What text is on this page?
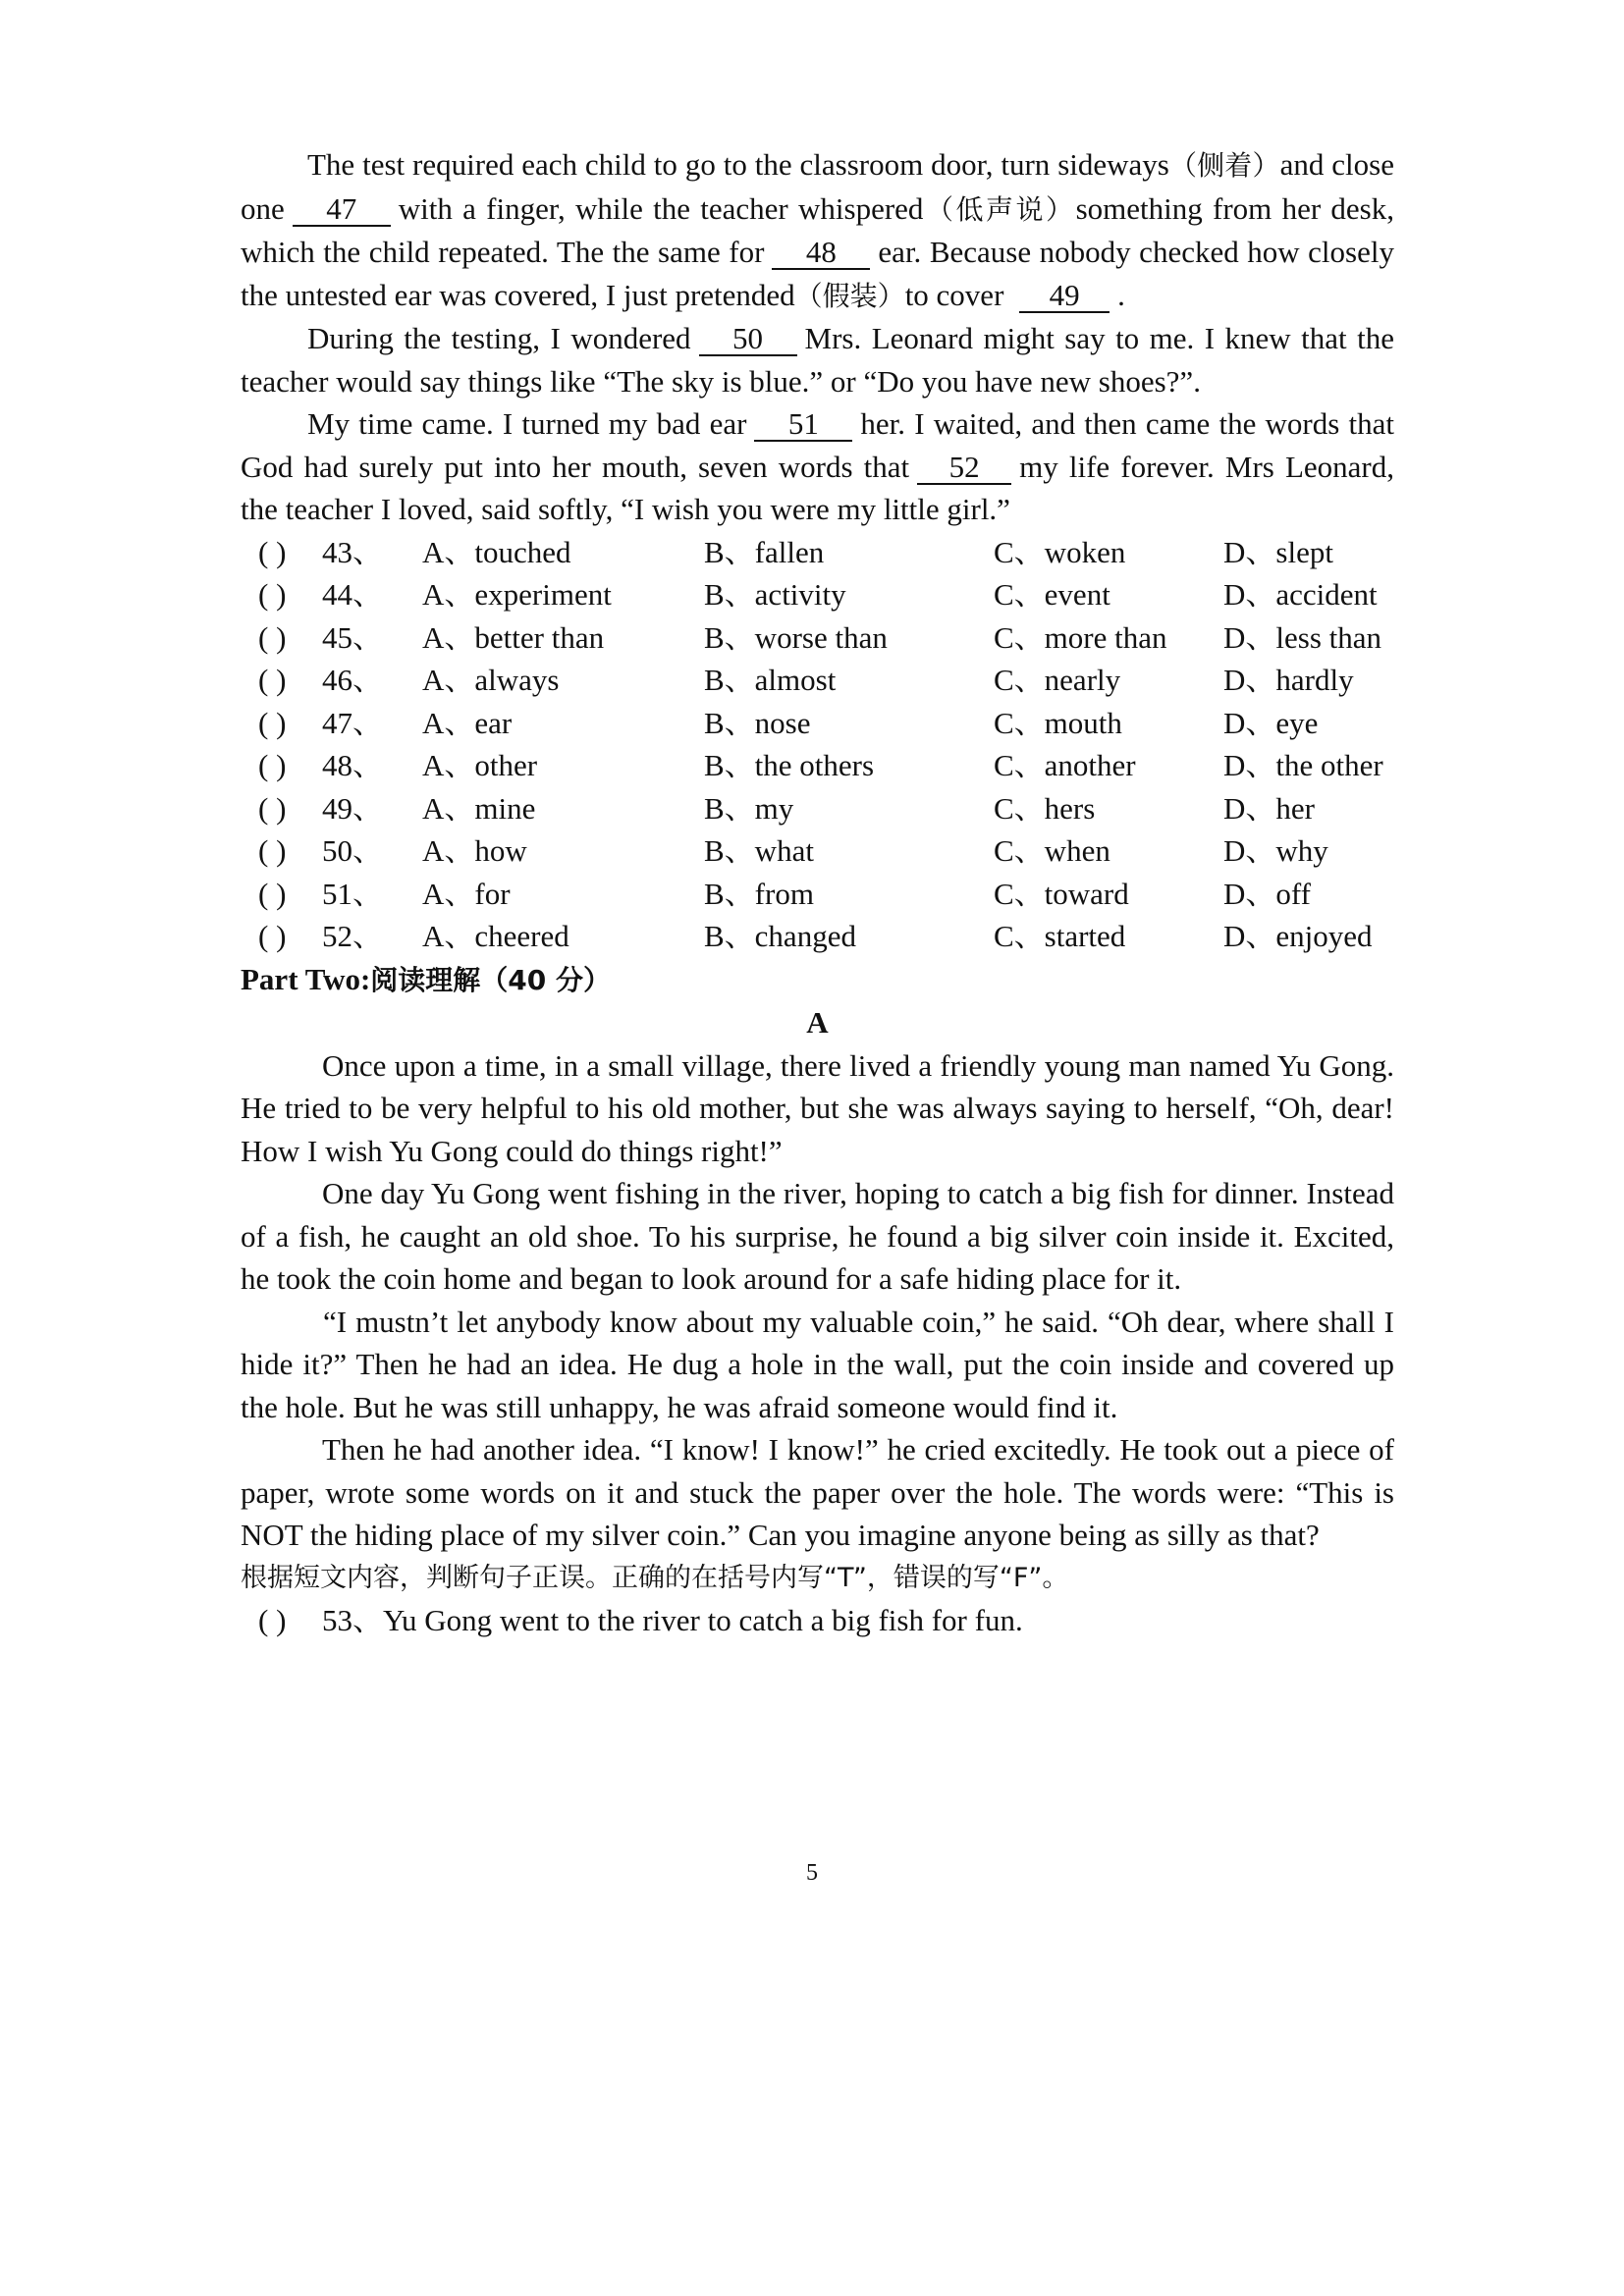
The test required each child to go to the classroom door, turn sideways（侧着）and close one 47 with a finger, while the teacher whispered（低声说）something from her desk, which the child repeated. The the same for 48 ear. Because nobody checked how closely the untested ear was covered, I just pretended（假装）to cover 49 .

During the testing, I wondered 50 Mrs. Leonard might say to me. I knew that the teacher would say things like “The sky is blue.” or “Do you have new shoes?”.

My time came. I turned my bad ear 51 her. I waited, and then came the words that God had surely put into her mouth, seven words that 52 my life forever. Mrs Leonard, the teacher I loved, said softly, “I wish you were my little girl.”

( ) 43、 A、touched	B、fallen	C、woken	D、slept
( ) 44、 A、experiment	B、activity	C、event	D、accident
( ) 45、 A、better than	B、worse than	C、more than D、less than
( ) 46、 A、always	B、almost	C、nearly	D、hardly
( ) 47、 A、ear	B、nose	C、mouth	D、eye
( ) 48、 A、other	B、the others	C、another	D、the other
( ) 49、 A、mine	B、my	C、hers	D、her
( ) 50、 A、how	B、what	C、when	D、why
( ) 51、 A、for	B、from	C、toward	D、off
( ) 52、 A、cheered	B、changed	C、started	D、enjoyed

Part Two:阅读理解（40 分）

A

Once upon a time, in a small village, there lived a friendly young man named Yu Gong. He tried to be very helpful to his old mother, but she was always saying to herself, “Oh, dear! How I wish Yu Gong could do things right!”

One day Yu Gong went fishing in the river, hoping to catch a big fish for dinner. Instead of a fish, he caught an old shoe. To his surprise, he found a big silver coin inside it. Excited, he took the coin home and began to look around for a safe hiding place for it.

“I mustn’t let anybody know about my valuable coin,” he said. “Oh dear, where shall I hide it?” Then he had an idea. He dug a hole in the wall, put the coin inside and covered up the hole. But he was still unhappy, he was afraid someone would find it.

Then he had another idea. “I know! I know!” he cried excitedly. He took out a piece of paper, wrote some words on it and stuck the paper over the hole. The words were: “This is NOT the hiding place of my silver coin.” Can you imagine anyone being as silly as that?

根据短文内容，判断句子正误。正确的在括号内写“T”，错误的写“F”。

( ) 53、Yu Gong went to the river to catch a big fish for fun.

5
